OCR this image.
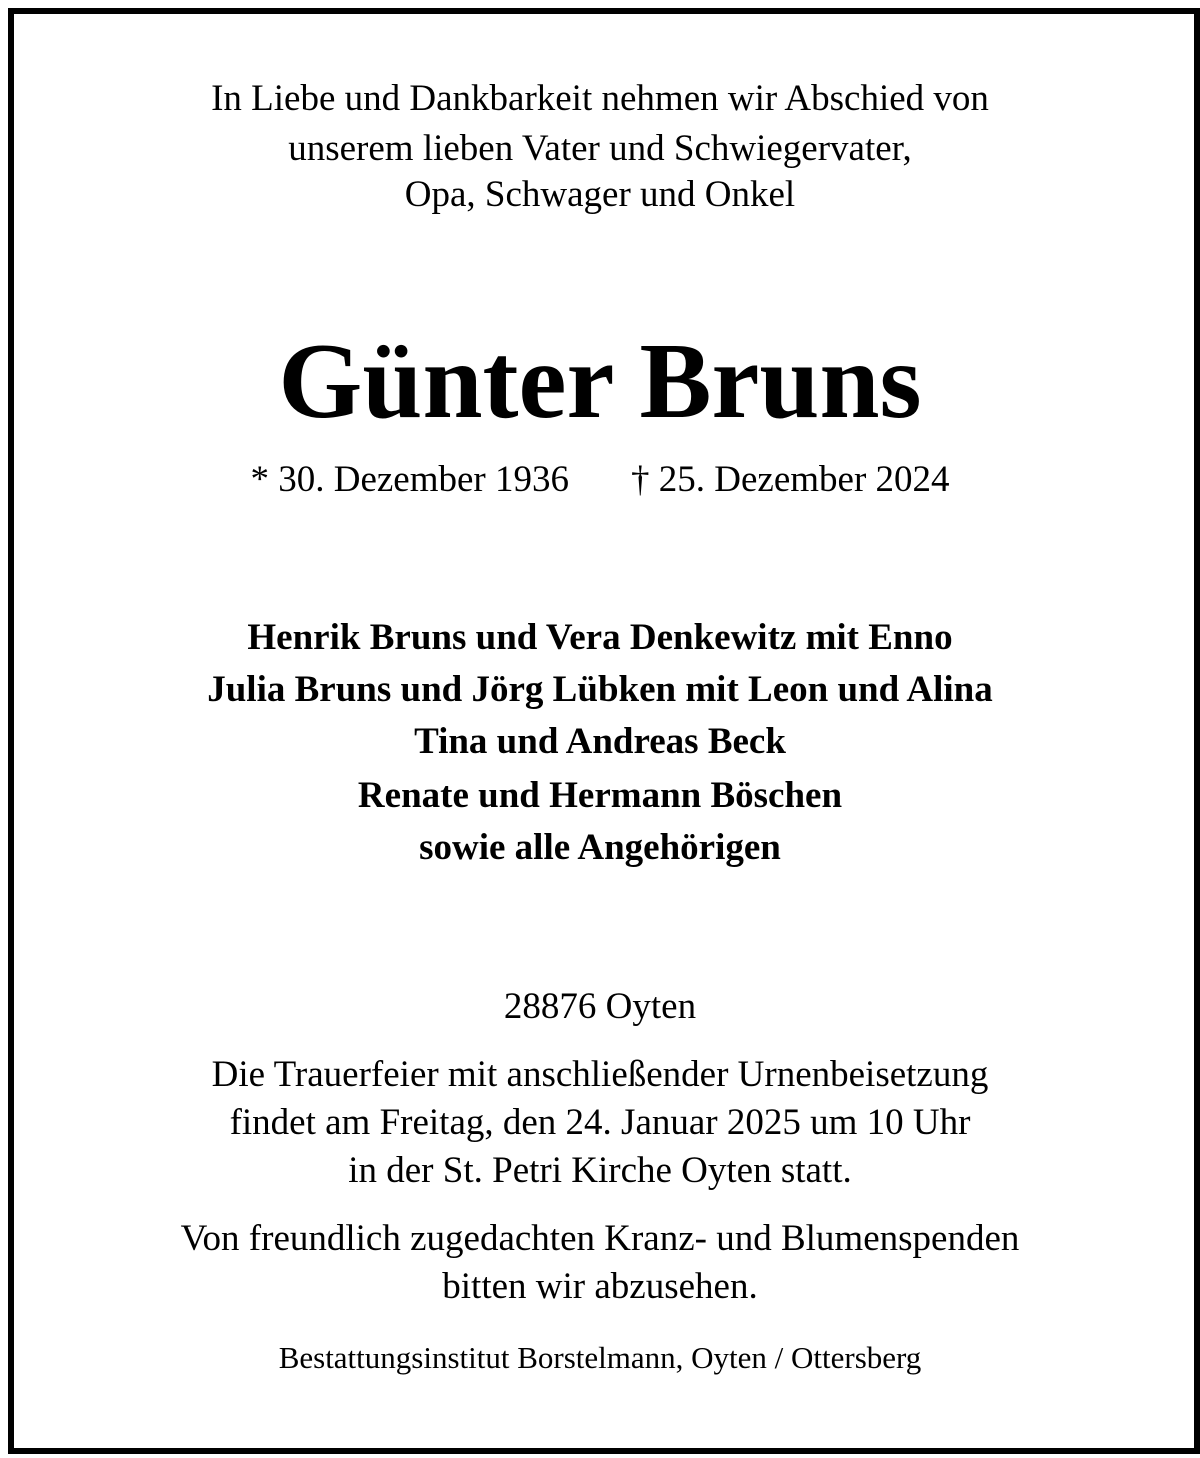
In Liebe und Dankbarkeit nehmen wir Abschied von
unserem lieben Vater und Schwiegervater,
Opa, Schwager und Onkel
Günter Bruns
* 30. Dezember 1936 † 25. Dezember 2024
Henrik Bruns und Vera Denkewitz mit Enno
Julia Bruns und Jörg Lübken mit Leon und Alina
Tina und Andreas Beck
Renate und Hermann Böschen
sowie alle Angehörigen
28876 Oyten
Die Trauerfeier mit anschließender Urnenbeisetzung
findet am Freitag, den 24. Januar 2025 um 10 Uhr
in der St. Petri Kirche Oyten statt.
Von freundlich zugedachten Kranz- und Blumenspenden
bitten wir abzusehen.
Bestattungsinstitut Borstelmann, Oyten / Ottersberg
